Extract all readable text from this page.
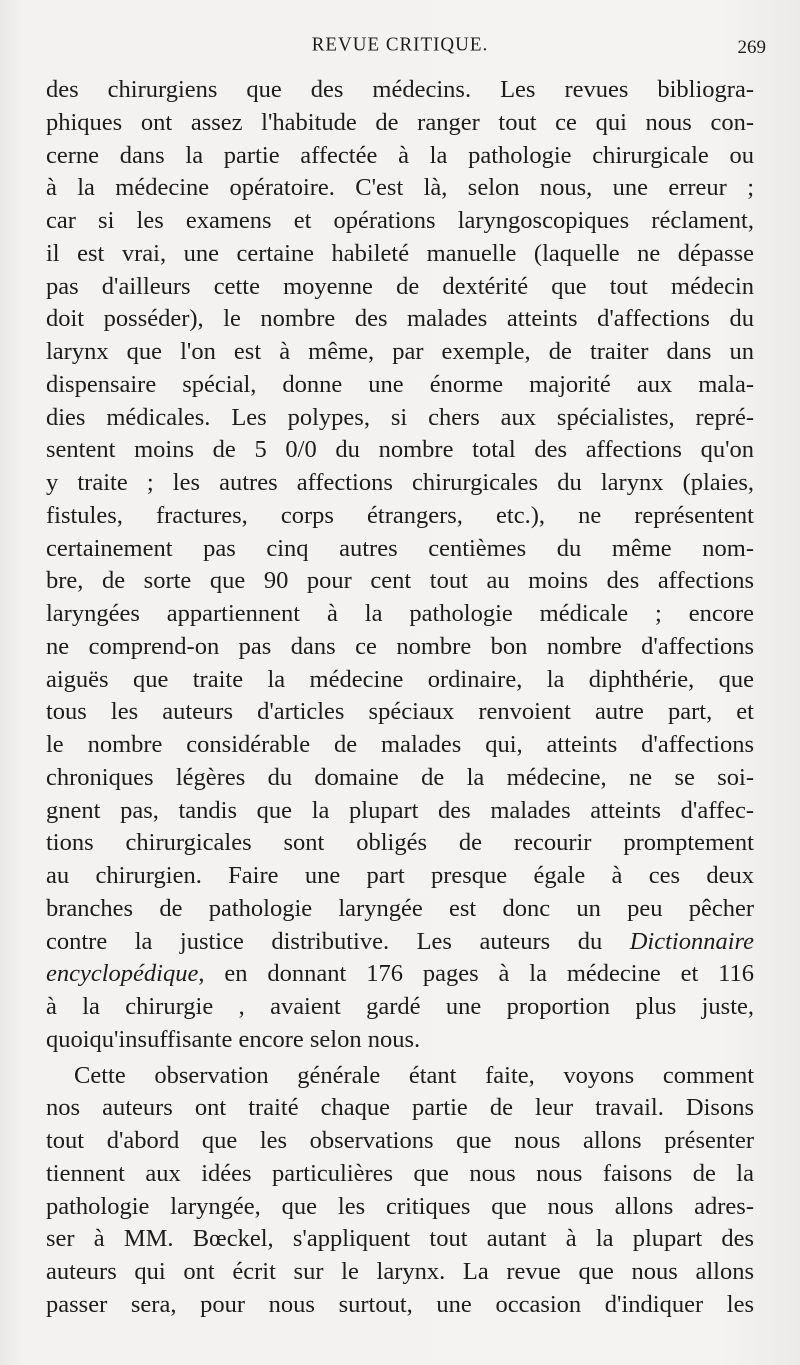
REVUE CRITIQUE.	269
des chirurgiens que des médecins. Les revues bibliogra-
phiques ont assez l'habitude de ranger tout ce qui nous con-
cerne dans la partie affectée à la pathologie chirurgicale ou
à la médecine opératoire. C'est là, selon nous, une erreur ;
car si les examens et opérations laryngoscopiques réclament,
il est vrai, une certaine habileté manuelle (laquelle ne dépasse
pas d'ailleurs cette moyenne de dextérité que tout médecin
doit posséder), le nombre des malades atteints d'affections du
larynx que l'on est à même, par exemple, de traiter dans un
dispensaire spécial, donne une énorme majorité aux mala-
dies médicales. Les polypes, si chers aux spécialistes, repré-
sentent moins de 5 0/0 du nombre total des affections qu'on
y traite ; les autres affections chirurgicales du larynx (plaies,
fistules, fractures, corps étrangers, etc.), ne représentent
certainement pas cinq autres centièmes du même nom-
bre, de sorte que 90 pour cent tout au moins des affections
laryngées appartiennent à la pathologie médicale ; encore
ne comprend-on pas dans ce nombre bon nombre d'affections
aiguës que traite la médecine ordinaire, la diphthérie, que
tous les auteurs d'articles spéciaux renvoient autre part, et
le nombre considérable de malades qui, atteints d'affections
chroniques légères du domaine de la médecine, ne se soi-
gnent pas, tandis que la plupart des malades atteints d'affec-
tions chirurgicales sont obligés de recourir promptement
au chirurgien. Faire une part presque égale à ces deux
branches de pathologie laryngée est donc un peu pêcher
contre la justice distributive. Les auteurs du Dictionnaire
encyclopédique, en donnant 176 pages à la médecine et 116
à la chirurgie , avaient gardé une proportion plus juste,
quoiqu'insuffisante encore selon nous.
Cette observation générale étant faite, voyons comment
nos auteurs ont traité chaque partie de leur travail. Disons
tout d'abord que les observations que nous allons présenter
tiennent aux idées particulières que nous nous faisons de la
pathologie laryngée, que les critiques que nous allons adres-
ser à MM. Bœckel, s'appliquent tout autant à la plupart des
auteurs qui ont écrit sur le larynx. La revue que nous allons
passer sera, pour nous surtout, une occasion d'indiquer les
